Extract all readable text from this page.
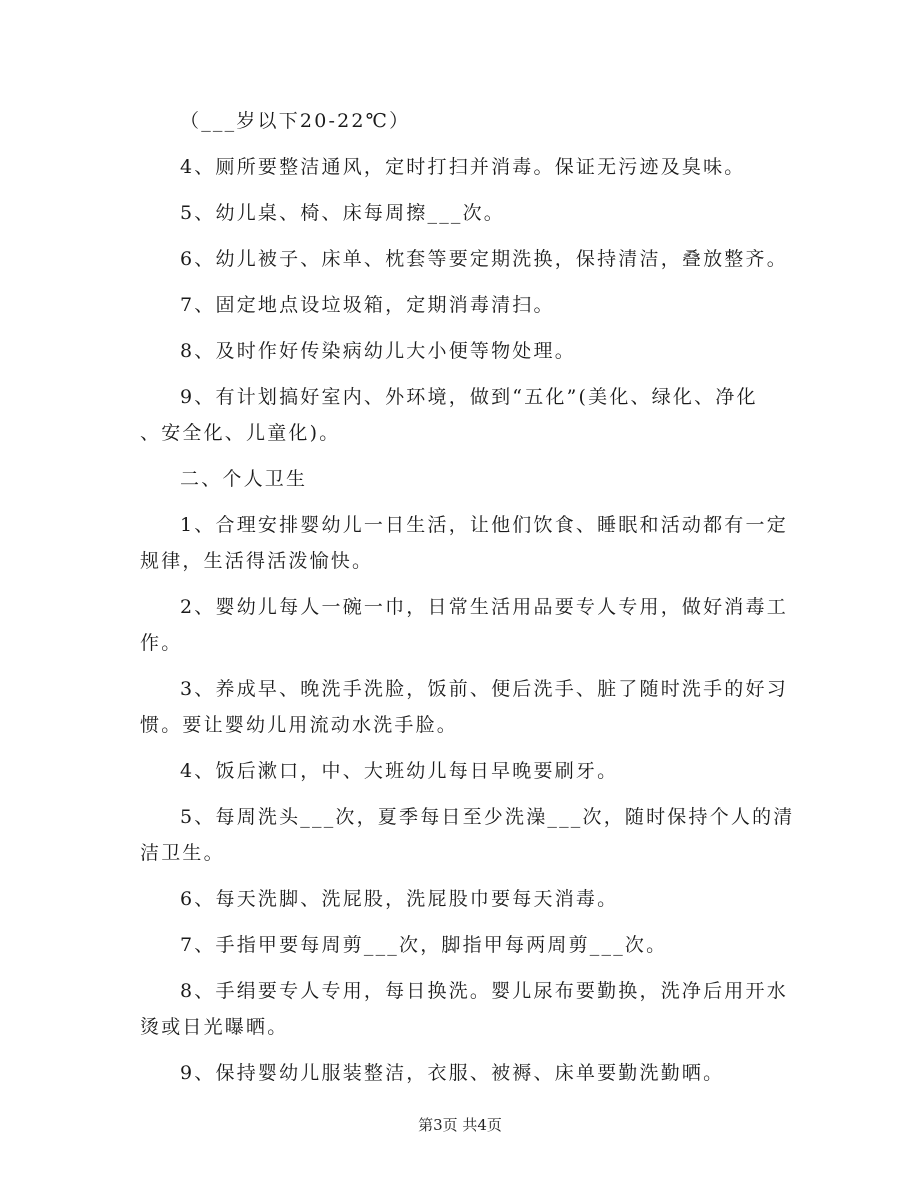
（___岁以下20-22℃）
4、厕所要整洁通风，定时打扫并消毒。保证无污迹及臭味。
5、幼儿桌、椅、床每周擦___次。
6、幼儿被子、床单、枕套等要定期洗换，保持清洁，叠放整齐。
7、固定地点设垃圾箱，定期消毒清扫。
8、及时作好传染病幼儿大小便等物处理。
9、有计划搞好室内、外环境，做到“五化”(美化、绿化、净化
、安全化、儿童化)。
二、个人卫生
1、合理安排婴幼儿一日生活，让他们饮食、睡眠和活动都有一定
规律，生活得活泼愉快。
2、婴幼儿每人一碗一巾，日常生活用品要专人专用，做好消毒工
作。
3、养成早、晚洗手洗脸，饭前、便后洗手、脏了随时洗手的好习
惯。要让婴幼儿用流动水洗手脸。
4、饭后漱口，中、大班幼儿每日早晚要刷牙。
5、每周洗头___次，夏季每日至少洗澡___次，随时保持个人的清
洁卫生。
6、每天洗脚、洗屁股，洗屁股巾要每天消毒。
7、手指甲要每周剪___次，脚指甲每两周剪___次。
8、手绢要专人专用，每日换洗。婴儿尿布要勤换，洗净后用开水
烫或日光曝晒。
9、保持婴幼儿服装整洁，衣服、被褥、床单要勤洗勤晒。
第3页 共4页
